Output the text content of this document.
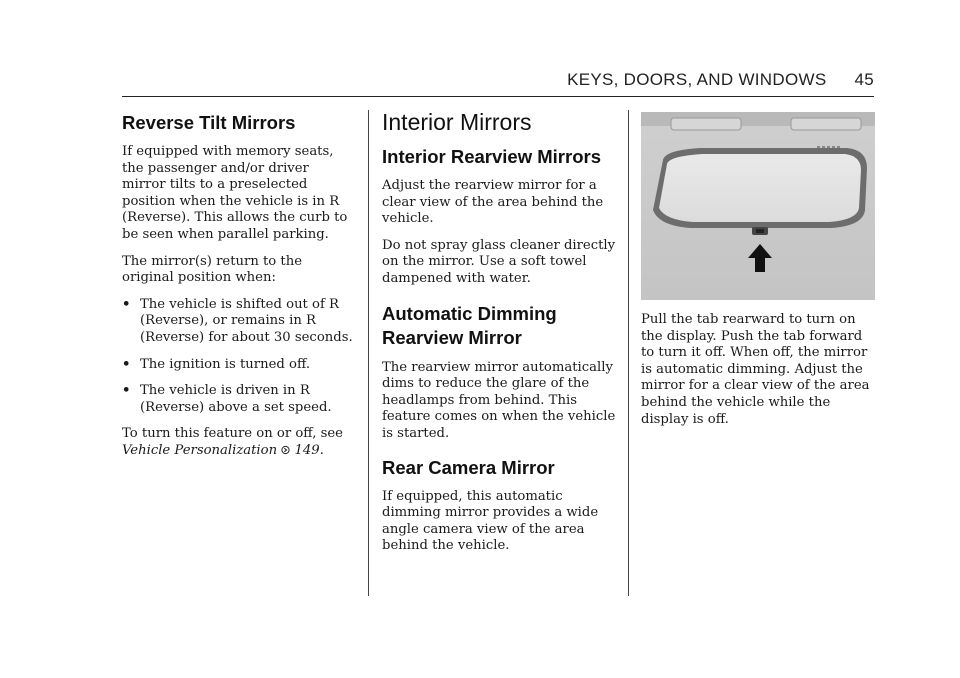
KEYS, DOORS, AND WINDOWS 45
Reverse Tilt Mirrors

If equipped with memory seats, the passenger and/or driver mirror tilts to a preselected position when the vehicle is in R (Reverse). This allows the curb to be seen when parallel parking.

The mirror(s) return to the original position when:

• The vehicle is shifted out of R (Reverse), or remains in R (Reverse) for about 30 seconds.
• The ignition is turned off.
• The vehicle is driven in R (Reverse) above a set speed.

To turn this feature on or off, see Vehicle Personalization 149.

Interior Mirrors
Interior Rearview Mirrors

Adjust the rearview mirror for a clear view of the area behind the vehicle.

Do not spray glass cleaner directly on the mirror. Use a soft towel dampened with water.

Automatic Dimming Rearview Mirror

The rearview mirror automatically dims to reduce the glare of the headlamps from behind. This feature comes on when the vehicle is started.

Rear Camera Mirror

If equipped, this automatic dimming mirror provides a wide angle camera view of the area behind the vehicle.

Pull the tab rearward to turn on the display. Push the tab forward to turn it off. When off, the mirror is automatic dimming. Adjust the mirror for a clear view of the area behind the vehicle while the display is off.
